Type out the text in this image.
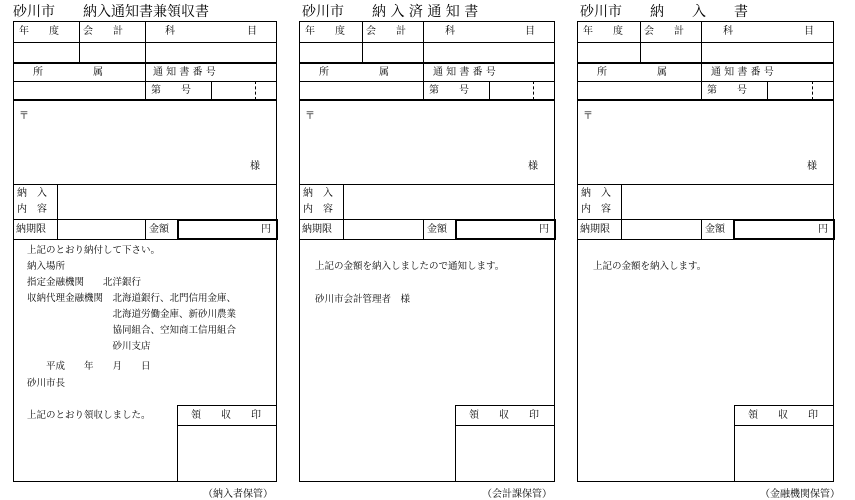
砂川市　　納入通知書兼領収書
年　　度 会　　計	科	目
所　　　　　属	通 知 書 番 号
第　　号
〒
様
納　入
内　容
納期限	金額	円
上記のとおり納付して下さい。
納入場所
指定金融機関　　北洋銀行
収納代理金融機関　北海道銀行、北門信用金庫、
　　　　　　　　　北海道労働金庫、新砂川農業
　　　　　　　　　協同組合、空知商工信用組合
　　　　　　　　　砂川支店
　　平成　　年　　月　　日
砂川市長
上記のとおり領収しました。	領　　収　　印
（納入者保管）
砂川市　　納 入 済 通 知 書
年　　度 会　　計	科	目
所　　　　　属	通 知 書 番 号
第　　号
〒
様
納　入
内　容
納期限	金額	円
上記の金額を納入しましたので通知します。
砂川市会計管理者　様
領　　収　　印
（会計課保管）
砂川市　　納　　入　　書
年　　度 会　　計	科	目
所　　　　　属	通 知 書 番 号
第　　号
〒
様
納　入
内　容
納期限	金額	円
上記の金額を納入します。
領　　収　　印
（金融機関保管）
